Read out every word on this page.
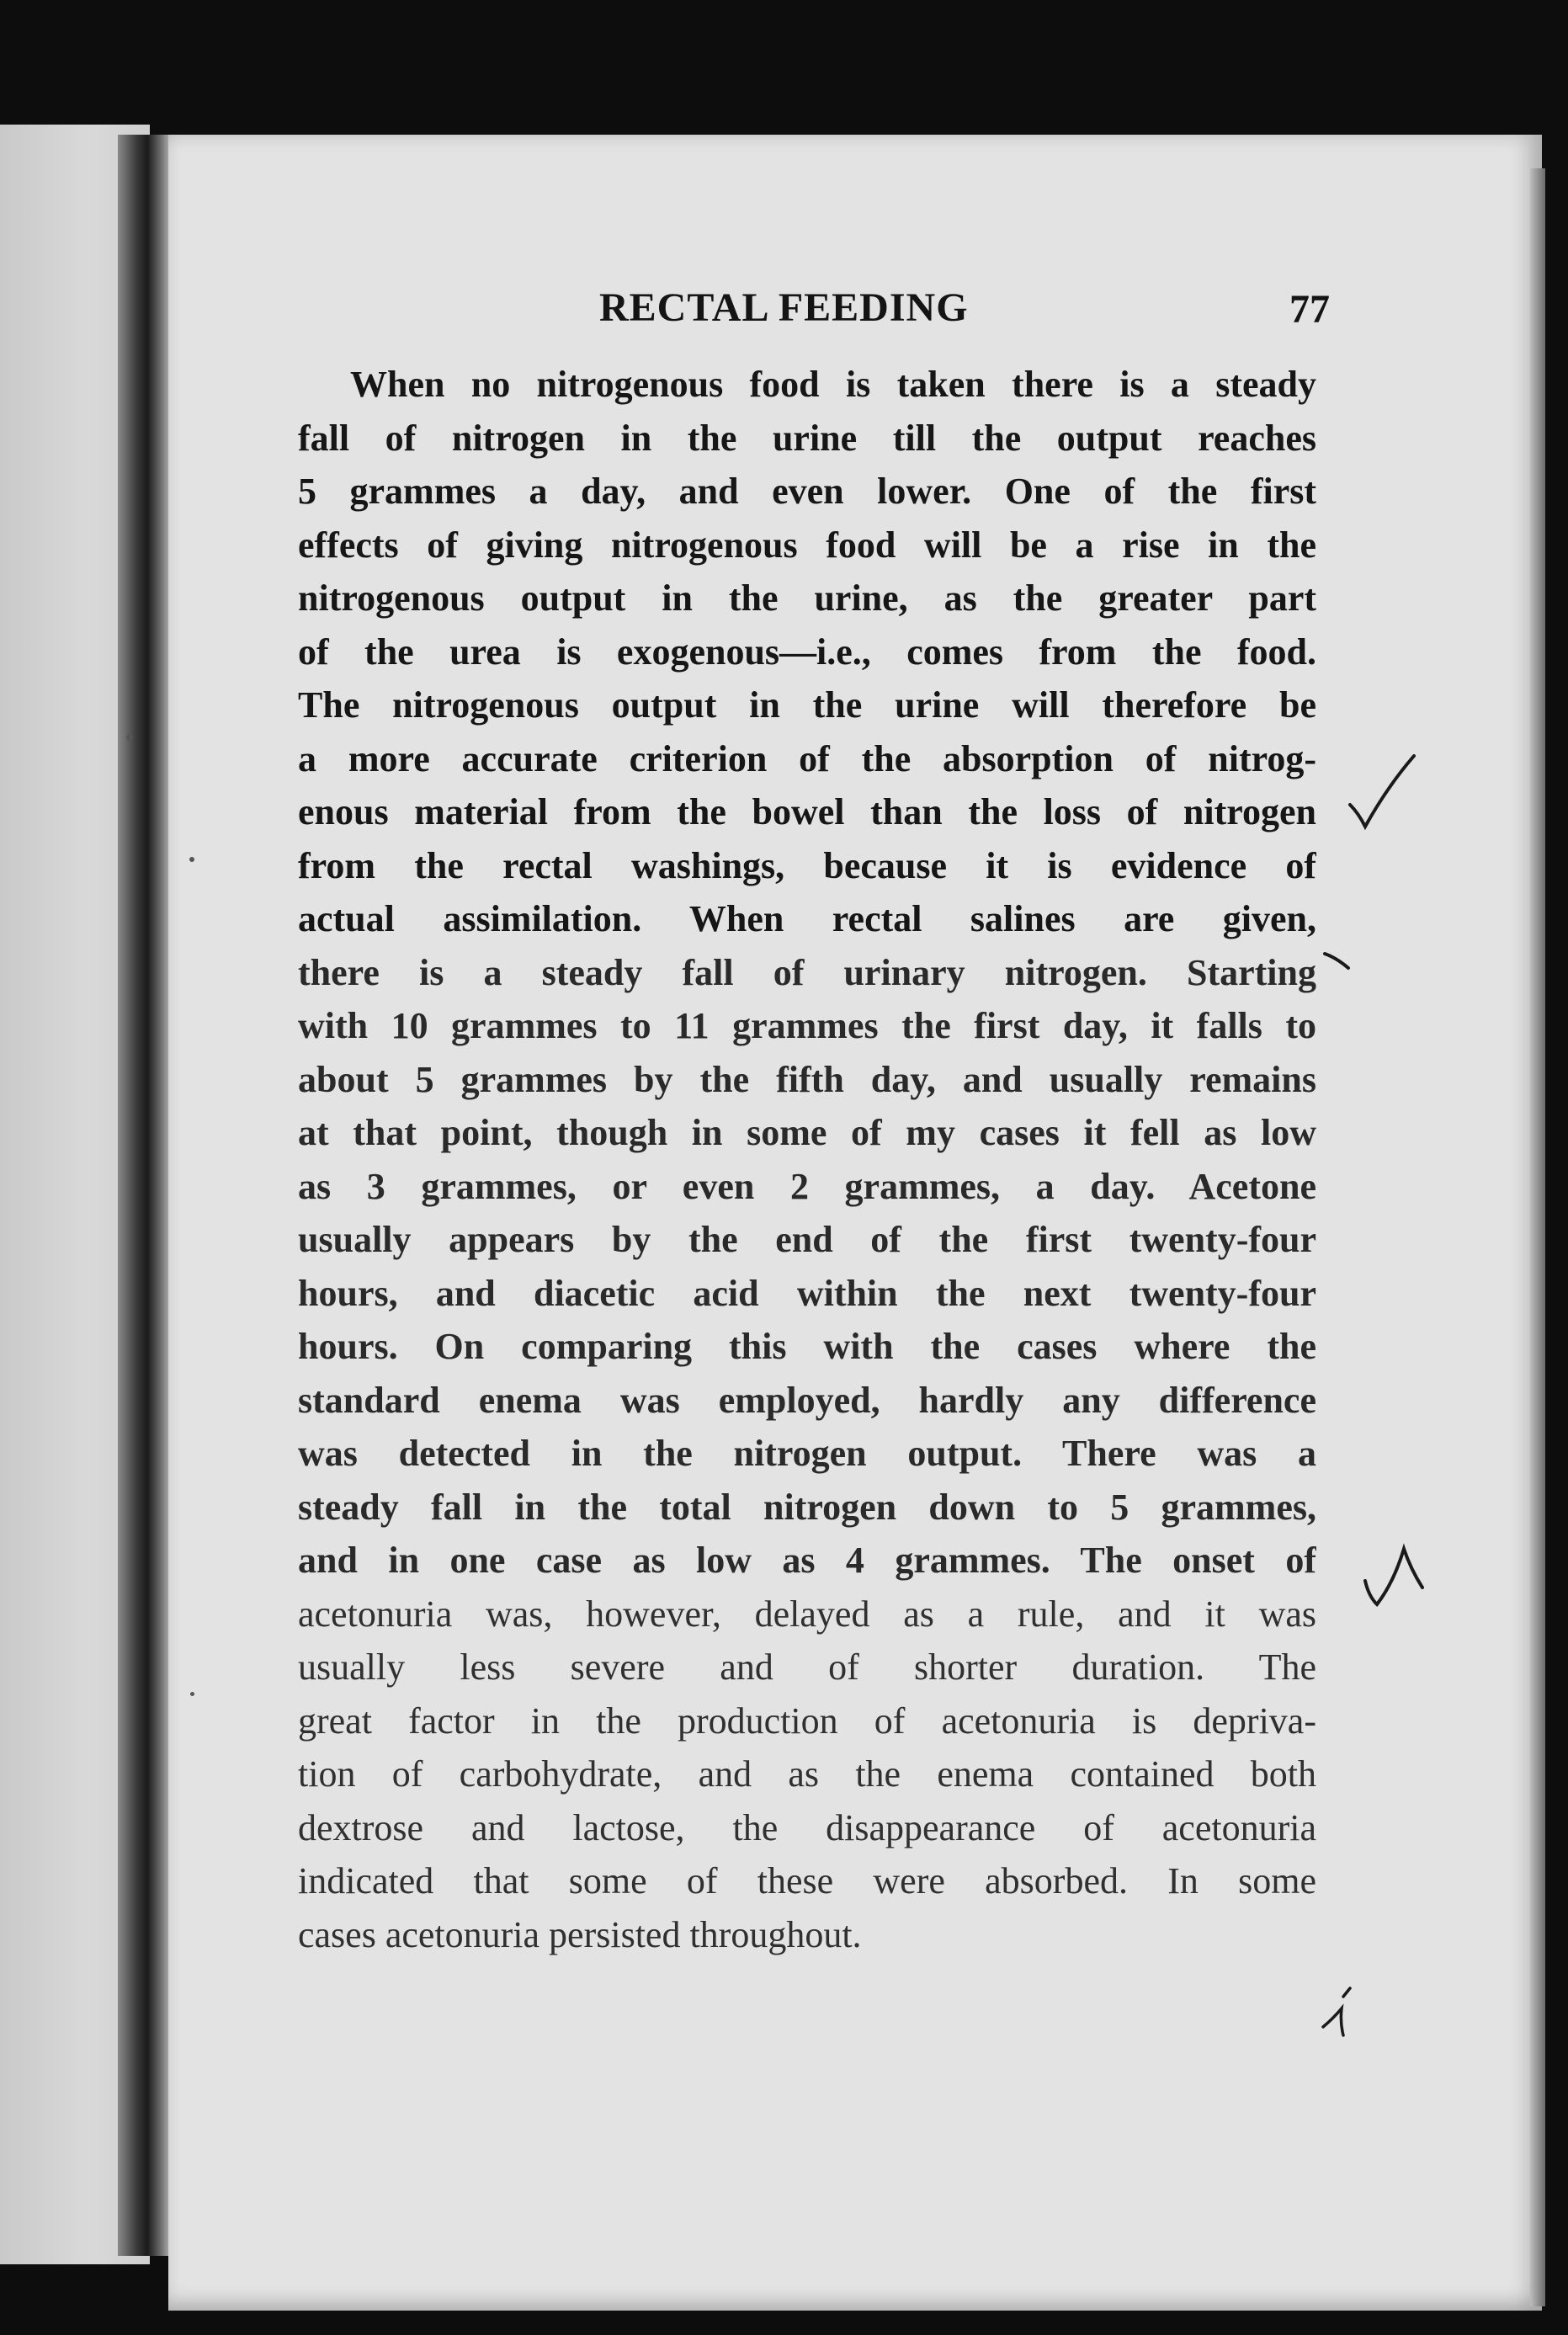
RECTAL FEEDING	77
When no nitrogenous food is taken there is a steady
fall of nitrogen in the urine till the output reaches
5 grammes a day, and even lower. One of the first
effects of giving nitrogenous food will be a rise in the
nitrogenous output in the urine, as the greater part
of the urea is exogenous—i.e., comes from the food.
The nitrogenous output in the urine will therefore be
a more accurate criterion of the absorption of nitrog-
enous material from the bowel than the loss of nitrogen
from the rectal washings, because it is evidence of
actual assimilation. When rectal salines are given,
there is a steady fall of urinary nitrogen. Starting
with 10 grammes to 11 grammes the first day, it falls to
about 5 grammes by the fifth day, and usually remains
at that point, though in some of my cases it fell as low
as 3 grammes, or even 2 grammes, a day. Acetone
usually appears by the end of the first twenty-four
hours, and diacetic acid within the next twenty-four
hours. On comparing this with the cases where the
standard enema was employed, hardly any difference
was detected in the nitrogen output. There was a
steady fall in the total nitrogen down to 5 grammes,
and in one case as low as 4 grammes. The onset of
acetonuria was, however, delayed as a rule, and it was
usually less severe and of shorter duration. The
great factor in the production of acetonuria is depriva-
tion of carbohydrate, and as the enema contained both
dextrose and lactose, the disappearance of acetonuria
indicated that some of these were absorbed. In some
cases acetonuria persisted throughout.
